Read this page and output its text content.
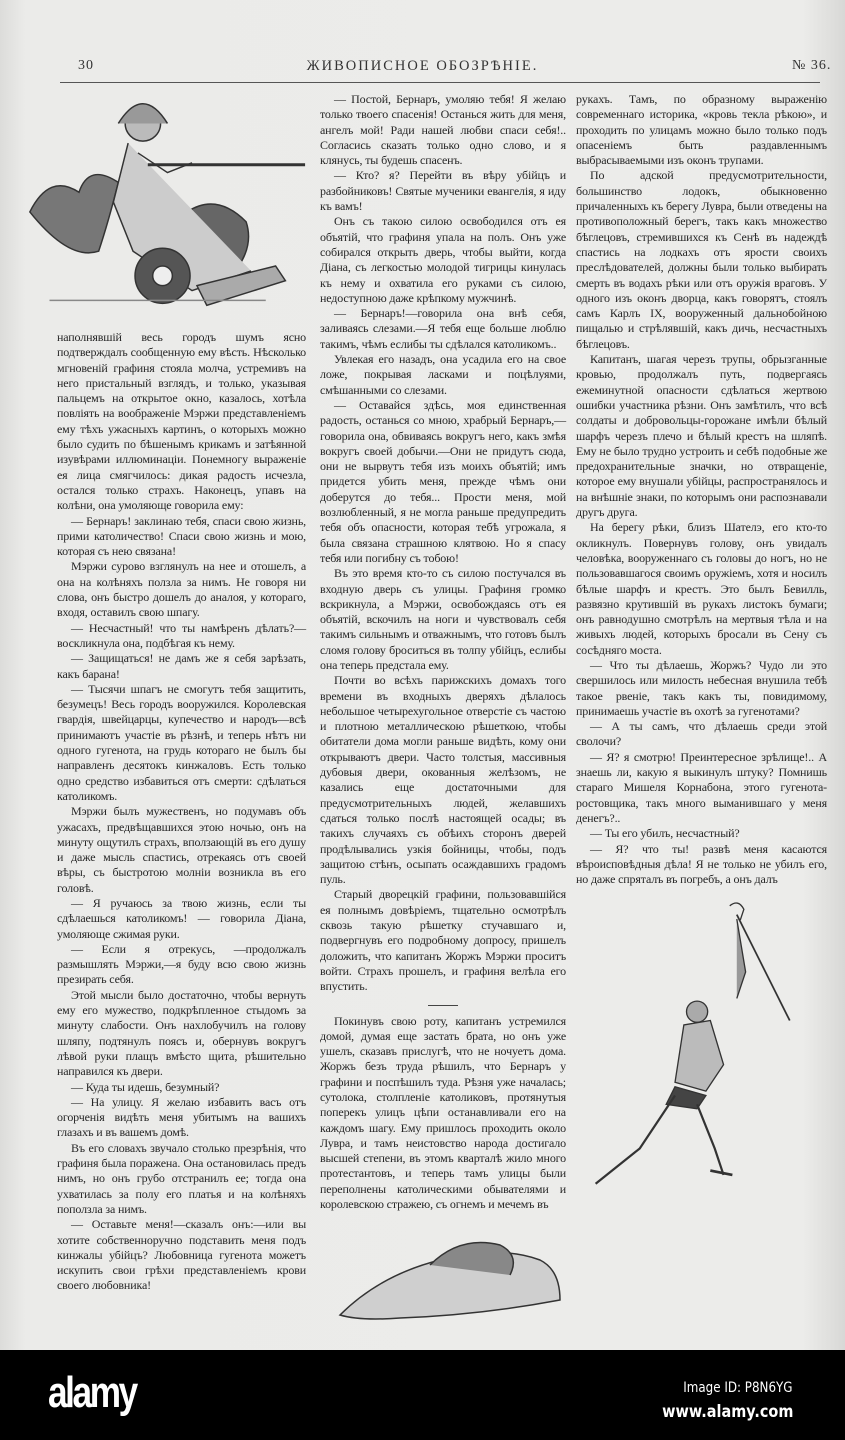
30	ЖИВОПИСНОЕ ОБОЗРѢНІЕ.	№ 36.

наполнявшій весь городъ шумъ ясно подтверждалъ сообщенную ему вѣсть. Нѣсколько мгновеній графиня стояла молча, устремивъ на него пристальный взглядъ, и только, указывая пальцемъ на открытое окно, казалось, хотѣла повліять на воображеніе Мэржи представленіемъ ему тѣхъ ужасныхъ картинъ, о которыхъ можно было судить по бѣшенымъ крикамъ и затѣянной изувѣрами иллюминаціи. Понемногу выраженіе ея лица смягчилось: дикая радость исчезла, остался только страхъ. Наконецъ, упавъ на колѣни, она умоляюще говорила ему:

— Бернаръ! заклинаю тебя, спаси свою жизнь, прими католичество! Спаси свою жизнь и мою, которая съ нею связана!

Мэржи сурово взглянулъ на нее и отошелъ, а она на колѣняхъ ползла за нимъ. Не говоря ни слова, онъ быстро дошелъ до аналоя, у котораго, входя, оставилъ свою шпагу.

— Несчастный! что ты намѣренъ дѣлать?— воскликнула она, подбѣгая къ нему.

— Защищаться! не дамъ же я себя зарѣзать, какъ барана!

— Тысячи шпагъ не смогутъ тебя защитить, безумецъ! Весь городъ вооружился. Королевская гвардія, швейцарцы, купечество и народъ—всѣ принимаютъ участіе въ рѣзнѣ, и теперь нѣтъ ни одного гугенота, на грудь котораго не былъ бы направленъ десятокъ кинжаловъ. Есть только одно средство избавиться отъ смерти: сдѣлаться католикомъ.

Мэржи былъ мужественъ, но подумавъ объ ужасахъ, предвѣщавшихся этою ночью, онъ на минуту ощутилъ страхъ, вползающій въ его душу и даже мысль спастись, отрекаясь отъ своей вѣры, съ быстротою молніи возникла въ его головѣ.

— Я ручаюсь за твою жизнь, если ты сдѣлаешься католикомъ! — говорила Діана, умоляюще сжимая руки.

— Если я отрекусь, —продолжалъ размышлять Мэржи,—я буду всю свою жизнь презирать себя.

Этой мысли было достаточно, чтобы вернуть ему его мужество, подкрѣпленное стыдомъ за минуту слабости. Онъ нахлобучилъ на голову шляпу, подтянулъ поясъ и, обернувъ вокругъ лѣвой руки плащъ вмѣсто щита, рѣшительно направился къ двери.

— Куда ты идешь, безумный?

— На улицу. Я желаю избавить васъ отъ огорченія видѣть меня убитымъ на вашихъ глазахъ и въ вашемъ домѣ.

Въ его словахъ звучало столько презрѣнія, что графиня была поражена. Она остановилась предъ нимъ, но онъ грубо отстранилъ ее; тогда она ухватилась за полу его платья и на колѣняхъ поползла за нимъ.

— Оставьте меня!—сказалъ онъ:—или вы хотите собственноручно подставить меня подъ кинжалы убійцъ? Любовница гугенота можетъ искупить свои грѣхи представленіемъ крови своего любовника!

— Постой, Бернаръ, умоляю тебя! Я желаю только твоего спасенія! Останься жить для меня, ангелъ мой! Ради нашей любви спаси себя!.. Согласись сказать только одно слово, и я клянусь, ты будешь спасенъ.

— Кто? я? Перейти въ вѣру убійцъ и разбойниковъ! Святые мученики евангелія, я иду къ вамъ!

Онъ съ такою силою освободился отъ ея объятій, что графиня упала на полъ. Онъ уже собирался открыть дверь, чтобы выйти, когда Діана, съ легкостью молодой тигрицы кинулась къ нему и охватила его руками съ силою, недоступною даже крѣпкому мужчинѣ.

— Бернаръ!—говорила она внѣ себя, заливаясь слезами.—Я тебя еще больше люблю такимъ, чѣмъ еслибы ты сдѣлался католикомъ..

Увлекая его назадъ, она усадила его на свое ложе, покрывая ласками и поцѣлуями, смѣшанными со слезами.

— Оставайся здѣсь, моя единственная радость, останься со мною, храбрый Бернаръ,— говорила она, обвиваясь вокругъ него, какъ змѣя вокругъ своей добычи.—Они не придутъ сюда, они не вырвутъ тебя изъ моихъ объятій; имъ придется убить меня, прежде чѣмъ они доберутся до тебя... Прости меня, мой возлюбленный, я не могла раньше предупредить тебя объ опасности, которая тебѣ угрожала, я была связана страшною клятвою. Но я спасу тебя или погибну съ тобою!

Въ это время кто-то съ силою постучался въ входную дверь съ улицы. Графиня громко вскрикнула, а Мэржи, освобождаясь отъ ея объятій, вскочилъ на ноги и чувствовалъ себя такимъ сильнымъ и отважнымъ, что готовъ былъ сломя голову броситься въ толпу убійцъ, еслибы она теперь предстала ему.

Почти во всѣхъ парижскихъ домахъ того времени въ входныхъ дверяхъ дѣлалось небольшое четырехугольное отверстіе съ частою и плотною металлическою рѣшеткою, чтобы обитатели дома могли раньше видѣть, кому они открываютъ двери. Часто толстыя, массивныя дубовыя двери, окованныя желѣзомъ, не казались еще достаточными для предусмотрительныхъ людей, желавшихъ сдаться только послѣ настоящей осады; въ такихъ случаяхъ съ обѣихъ сторонъ дверей продѣлывались узкія бойницы, чтобы, подъ защитою стѣнъ, осыпать осаждавшихъ градомъ пуль.

Старый дворецкій графини, пользовавшійся ея полнымъ довѣріемъ, тщательно осмотрѣлъ сквозь такую рѣшетку стучавшаго и, подвергнувъ его подробному допросу, пришелъ доложить, что капитанъ Жоржъ Мэржи проситъ войти. Страхъ прошелъ, и графиня велѣла его впустить.

Покинувъ свою роту, капитанъ устремился домой, думая еще застать брата, но онъ уже ушелъ, сказавъ прислугѣ, что не ночуетъ дома. Жоржъ безъ труда рѣшилъ, что Бернаръ у графини и поспѣшилъ туда. Рѣзня уже началась; сутолока, столпленіе католиковъ, протянутыя поперекъ улицъ цѣпи останавливали его на каждомъ шагу. Ему пришлось проходить около Лувра, и тамъ неистовство народа достигало высшей степени, въ этомъ кварталѣ жило много протестантовъ, и теперь тамъ улицы были переполнены католическими обывателями и королевскою стражею, съ огнемъ и мечемъ въ

рукахъ. Тамъ, по образному выраженію современнаго историка, «кровь текла рѣкою», и проходить по улицамъ можно было только подъ опасеніемъ быть раздавленнымъ выбрасываемыми изъ оконъ трупами.

По адской предусмотрительности, большинство лодокъ, обыкновенно причаленныхъ къ берегу Лувра, были отведены на противоположный берегъ, такъ какъ множество бѣглецовъ, стремившихся къ Сенѣ въ надеждѣ спастись на лодкахъ отъ ярости своихъ преслѣдователей, должны были только выбирать смерть въ водахъ рѣки или отъ оружія враговъ. У одного изъ оконъ дворца, какъ говорятъ, стоялъ самъ Карлъ IX, вооруженный дальнобойною пищалью и стрѣлявшій, какъ дичь, несчастныхъ бѣглецовъ.

Капитанъ, шагая черезъ трупы, обрызганные кровью, продолжалъ путь, подвергаясь ежеминутной опасности сдѣлаться жертвою ошибки участника рѣзни. Онъ замѣтилъ, что всѣ солдаты и добровольцы-горожане имѣли бѣлый шарфъ черезъ плечо и бѣлый крестъ на шляпѣ. Ему не было трудно устроить и себѣ подобные же предохранительные значки, но отвращеніе, которое ему внушали убійцы, распространялось и на внѣшніе знаки, по которымъ они распознавали другъ друга.

На берегу рѣки, близъ Шателэ, его кто-то окликнулъ. Повернувъ голову, онъ увидалъ человѣка, вооруженнаго съ головы до ногъ, но не пользовавшагося своимъ оружіемъ, хотя и носилъ бѣлые шарфъ и крестъ. Это былъ Бевилль, развязно крутившій въ рукахъ листокъ бумаги; онъ равнодушно смотрѣлъ на мертвыя тѣла и на живыхъ людей, которыхъ бросали въ Сену съ сосѣдняго моста.

— Что ты дѣлаешь, Жоржъ? Чудо ли это свершилось или милость небесная внушила тебѣ такое рвеніе, такъ какъ ты, повидимому, принимаешь участіе въ охотѣ за гугенотами?

— А ты самъ, что дѣлаешь среди этой сволочи?

— Я? я смотрю! Преинтересное зрѣлище!.. А знаешь ли, какую я выкинулъ штуку? Помнишь стараго Мишеля Корнабона, этого гугенота-ростовщика, такъ много выманившаго у меня денегъ?..

— Ты его убилъ, несчастный?

— Я? что ты! развѣ меня касаются вѣроисповѣдныя дѣла! Я не только не убилъ его, но даже спряталъ въ погребъ, а онъ далъ

alamy	Image ID: P8N6YG
www.alamy.com
